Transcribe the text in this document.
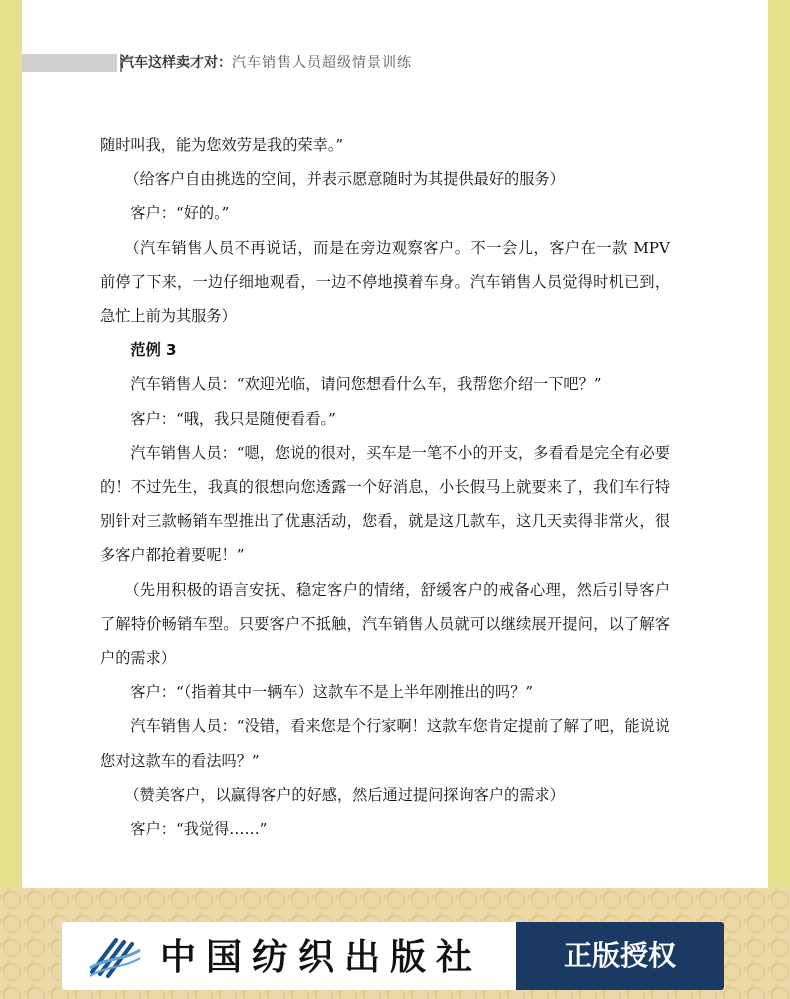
汽车这样卖才对：汽车销售人员超级情景训练

随时叫我，能为您效劳是我的荣幸。”

（给客户自由挑选的空间，并表示愿意随时为其提供最好的服务）

客户：“好的。”

（汽车销售人员不再说话，而是在旁边观察客户。不一会儿，客户在一款 MPV 前停了下来，一边仔细地观看，一边不停地摸着车身。汽车销售人员觉得时机已到，急忙上前为其服务）

范例 3

汽车销售人员：“欢迎光临，请问您想看什么车，我帮您介绍一下吧？”

客户：“哦，我只是随便看看。”

汽车销售人员：“嗯，您说的很对，买车是一笔不小的开支，多看看是完全有必要的！不过先生，我真的很想向您透露一个好消息，小长假马上就要来了，我们车行特别针对三款畅销车型推出了优惠活动，您看，就是这几款车，这几天卖得非常火，很多客户都抢着要呢！”

（先用积极的语言安抚、稳定客户的情绪，舒缓客户的戒备心理，然后引导客户了解特价畅销车型。只要客户不抵触，汽车销售人员就可以继续展开提问，以了解客户的需求）

客户：“（指着其中一辆车）这款车不是上半年刚推出的吗？”

汽车销售人员：“没错，看来您是个行家啊！这款车您肯定提前了解了吧，能说说您对这款车的看法吗？”

（赞美客户，以赢得客户的好感，然后通过提问探询客户的需求）

客户：“我觉得……”

中国纺织出版社	正版授权
